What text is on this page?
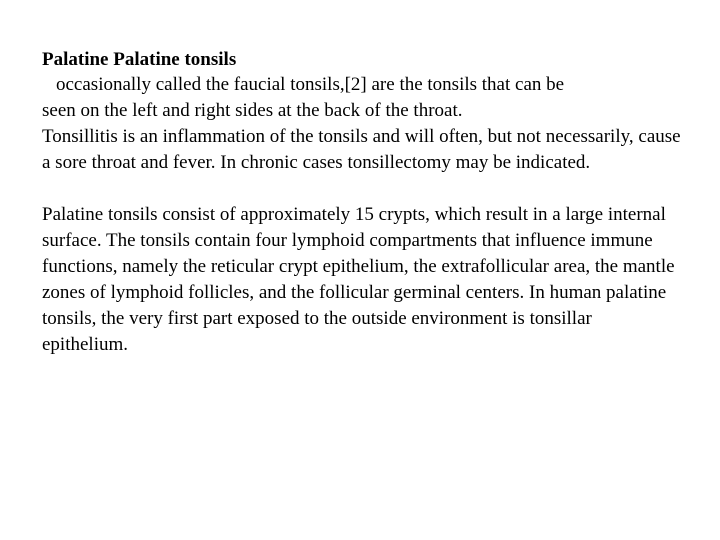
Palatine Palatine tonsils

occasionally called the faucial tonsils,[2] are the tonsils that can be

seen on the left and right sides at the back of the throat.

Tonsillitis is an inflammation of the tonsils and will often, but not necessarily, cause a sore throat and fever. In chronic cases tonsillectomy may be indicated.

Palatine tonsils consist of approximately 15 crypts, which result in a large internal surface. The tonsils contain four lymphoid compartments that influence immune functions, namely the reticular crypt epithelium, the extrafollicular area, the mantle zones of lymphoid follicles, and the follicular germinal centers. In human palatine tonsils, the very first part exposed to the outside environment is tonsillar epithelium.
